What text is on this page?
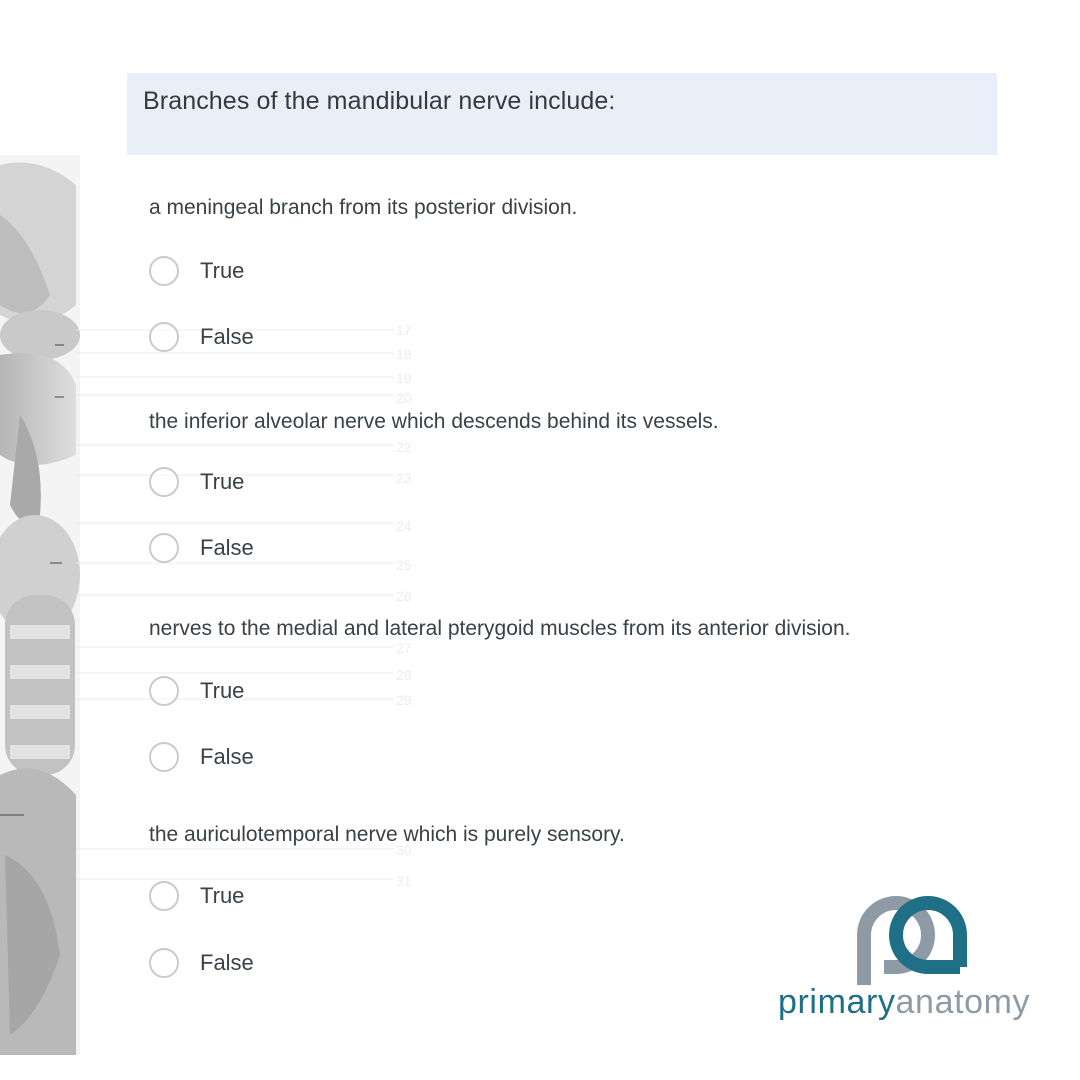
17
18
19
20
22
23
24
25
26
27
28
29
30
31
Branches of the mandibular nerve include:
a meningeal branch from its posterior division.
True
False
the inferior alveolar nerve which descends behind its vessels.
True
False
nerves to the medial and lateral pterygoid muscles from its anterior division.
True
False
the auriculotemporal nerve which is purely sensory.
True
False
primaryanatomy
